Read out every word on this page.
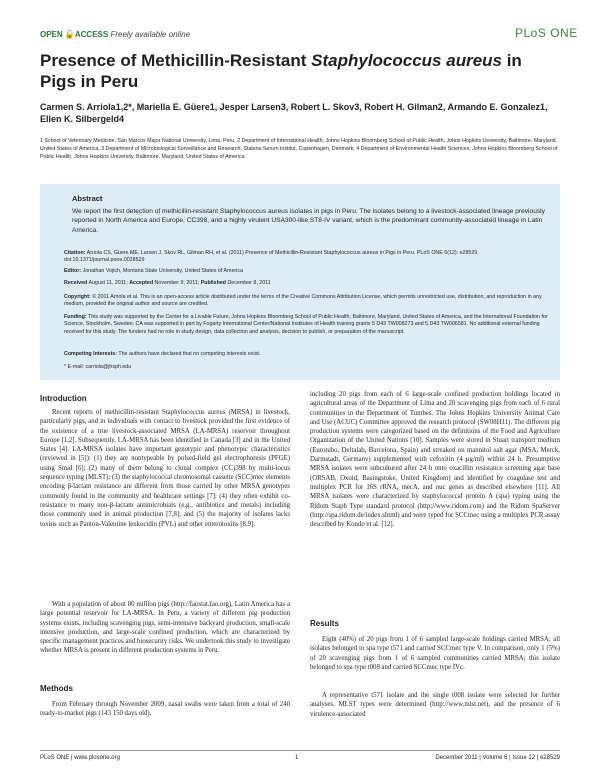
OPEN 🔓ACCESS Freely available online	PLoS ONE
Presence of Methicillin-Resistant Staphylococcus aureus in Pigs in Peru
Carmen S. Arriola1,2*, Mariella E. Güere1, Jesper Larsen3, Robert L. Skov3, Robert H. Gilman2, Armando E. Gonzalez1, Ellen K. Silbergeld4
1 School of Veterinary Medicine, San Marcos Major National University, Lima, Peru, 2 Department of International Health, Johns Hopkins Bloomberg School of Public Health, Johns Hopkins University, Baltimore, Maryland, United States of America, 3 Department of Microbiological Surveillance and Research, Statens Serum Institut, Copenhagen, Denmark, 4 Department of Environmental Health Sciences, Johns Hopkins Bloomberg School of Public Health, Johns Hopkins University, Baltimore, Maryland, United States of America
Abstract
We report the first detection of methicillin-resistant Staphylococcus aureus isolates in pigs in Peru. The isolates belong to a livestock-associated lineage previously reported in North America and Europe, CC398, and a highly virulent USA300-like ST8-IV variant, which is the predominant community-associated lineage in Latin America.
Citation: Arriola CS, Güere ME, Larsen J, Skov RL, Gilman RH, et al. (2011) Presence of Methicillin-Resistant Staphylococcus aureus in Pigs in Peru. PLoS ONE 6(12): e28529. doi:10.1371/journal.pone.0028529
Editor: Jonathan Vojich, Montana State University, United States of America
Received August 11, 2011; Accepted November 9, 2011; Published December 8, 2011
Copyright: © 2011 Arriola et al. This is an open-access article distributed under the terms of the Creative Commons Attribution License, which permits unrestricted use, distribution, and reproduction in any medium, provided the original author and source are credited.
Funding: This study was supported by the Center for a Livable Future, Johns Hopkins Bloomberg School of Public Health, Baltimore, Maryland, United States of America, and the International Foundation for Science, Stockholm, Sweden. CA was supported in part by Fogarty International Center/National Institutes of Health training grants 5 D43 TW008273 and 5 D43 TW006581. No additional external funding received for this study. The funders had no role in study design, data collection and analysis, decision to publish, or preparation of the manuscript.
Competing Interests: The authors have declared that no competing interests exist.
* E-mail: carriola@jhsph.edu
Introduction
Recent reports of methicillin-resistant Staphylococcus aureus (MRSA) in livestock, particularly pigs, and in individuals with contact to livestock provided the first evidence of the existence of a true livestock-associated MRSA (LA-MRSA) reservoir throughout Europe [1,2]. Subsequently, LA-MRSA has been identified in Canada [3] and in the United States [4]. LA-MRSA isolates have important genotypic and phenotypic characteristics (reviewed in [5]): (1) they are nontypeable by pulsed-field gel electrophoresis (PFGE) using SmaI [6]; (2) many of them belong to clonal complex (CC)398 by multi-locus sequence typing (MLST); (3) the staphylococcal chromosomal cassette (SCC)mec elements encoding β-lactam resistance are different from those carried by other MRSA genotypes commonly found in the community and healthcare settings [7]; (4) they often exhibit co-resistance to many non-β-lactam antimicrobials (e.g., antibiotics and metals) including those commonly used in animal production [7,8]; and (5) the majority of isolates lacks toxins such as Panton-Valentine leukocidin (PVL) and other enterotoxins [8,9].
With a population of about 80 million pigs (http://faostat.fao.org), Latin America has a large potential reservoir for LA-MRSA. In Peru, a variety of different pig production systems exists, including scavenging pigs, semi-intensive backyard production, small-scale intensive production, and large-scale confined production, which are characterized by specific management practices and biosecurity risks. We undertook this study to investigate whether MRSA is present in different production systems in Peru.
Methods
From February through November 2009, nasal swabs were taken from a total of 240 ready-to-market pigs (143 150 days old),
including 20 pigs from each of 6 large-scale confined production holdings located in agricultural areas of the Department of Lima and 20 scavenging pigs from each of 6 rural communities in the Department of Tumbes. The Johns Hopkins University Animal Care and Use (ACUC) Committee approved the research protocol (SW08H11). The different pig production systems were categorized based on the definitions of the Food and Agriculture Organization of the United Nations [10]. Samples were stored in Stuart transport medium (Eurotubo, Deltalab, Barcelona, Spain) and streaked on mannitol salt agar (MSA, Merck, Darmstadt, Germany) supplemented with cefoxitin (4 μg/ml) within 24 h. Presumptive MRSA isolates were subcultured after 24 h onto oxacillin resistance screening agar base (ORSAB, Oxoid, Basingstoke, United Kingdom) and identified by coagulase test and multiplex PCR for 16S rRNA, mecA, and nuc genes as described elsewhere [11]. All MRSA isolates were characterized by staphylococcal protein A (spa) typing using the Ridom Staph Type standard protocol (http://www.ridom.com) and the Ridom SpaServer (http://spa.ridom.de/index.shtml) and were typed for SCCmec using a multiplex PCR assay described by Kondo et al. [12].
Results
Eight (40%) of 20 pigs from 1 of 6 sampled large-scale holdings carried MRSA; all isolates belonged to spa type t571 and carried SCCmec type V. In comparison, only 1 (5%) of 20 scavenging pigs from 1 of 6 sampled communities carried MRSA; this isolate belonged to spa type t008 and carried SCCmec type IVc.
A representative t571 isolate and the single t008 isolate were selected for further analyses. MLST types were determined (http://www.mlst.net), and the presence of 6 virulence-associated
PLoS ONE | www.plosone.org	1	December 2011 | Volume 6 | Issue 12 | e28529
